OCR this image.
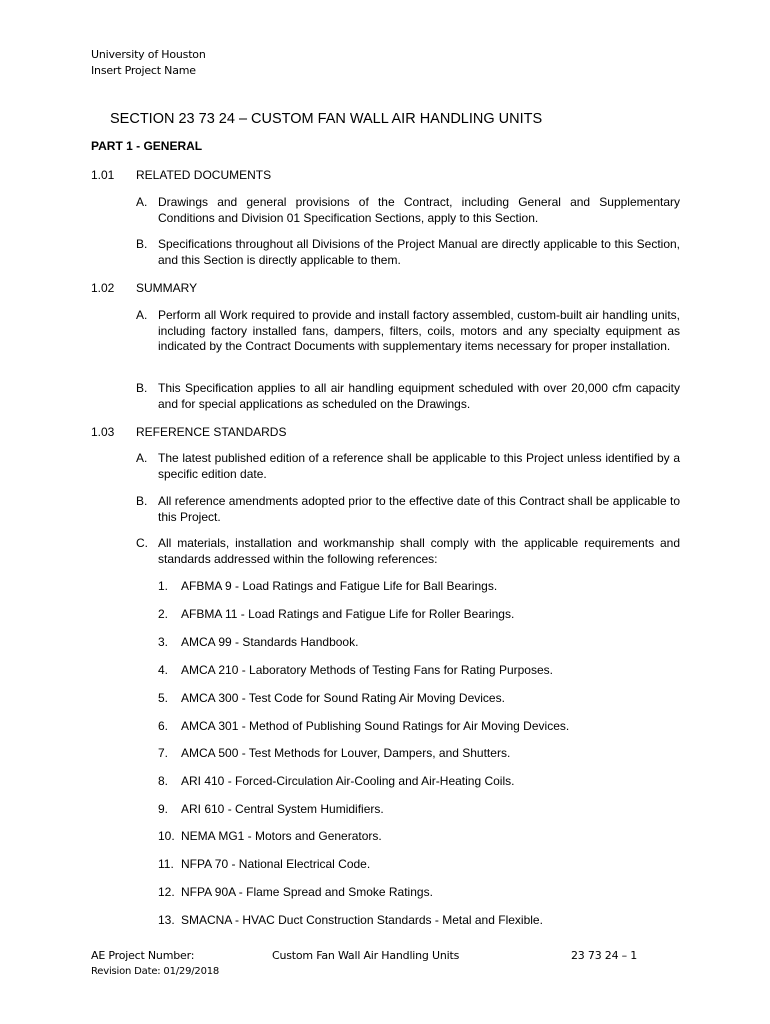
University of Houston
Insert Project Name
SECTION 23 73 24 – CUSTOM FAN WALL AIR HANDLING UNITS
PART 1 - GENERAL
1.01 RELATED DOCUMENTS
A. Drawings and general provisions of the Contract, including General and Supplementary Conditions and Division 01 Specification Sections, apply to this Section.
B. Specifications throughout all Divisions of the Project Manual are directly applicable to this Section, and this Section is directly applicable to them.
1.02 SUMMARY
A. Perform all Work required to provide and install factory assembled, custom-built air handling units, including factory installed fans, dampers, filters, coils, motors and any specialty equipment as indicated by the Contract Documents with supplementary items necessary for proper installation.
B. This Specification applies to all air handling equipment scheduled with over 20,000 cfm capacity and for special applications as scheduled on the Drawings.
1.03 REFERENCE STANDARDS
A. The latest published edition of a reference shall be applicable to this Project unless identified by a specific edition date.
B. All reference amendments adopted prior to the effective date of this Contract shall be applicable to this Project.
C. All materials, installation and workmanship shall comply with the applicable requirements and standards addressed within the following references:
1. AFBMA 9 - Load Ratings and Fatigue Life for Ball Bearings.
2. AFBMA 11 - Load Ratings and Fatigue Life for Roller Bearings.
3. AMCA 99 - Standards Handbook.
4. AMCA 210 - Laboratory Methods of Testing Fans for Rating Purposes.
5. AMCA 300 - Test Code for Sound Rating Air Moving Devices.
6. AMCA 301 - Method of Publishing Sound Ratings for Air Moving Devices.
7. AMCA 500 - Test Methods for Louver, Dampers, and Shutters.
8. ARI 410 - Forced-Circulation Air-Cooling and Air-Heating Coils.
9. ARI 610 - Central System Humidifiers.
10. NEMA MG1 - Motors and Generators.
11. NFPA 70 - National Electrical Code.
12. NFPA 90A - Flame Spread and Smoke Ratings.
13. SMACNA - HVAC Duct Construction Standards - Metal and Flexible.
AE Project Number:
Revision Date: 01/29/2018
Custom Fan Wall Air Handling Units	23 73 24 – 1
